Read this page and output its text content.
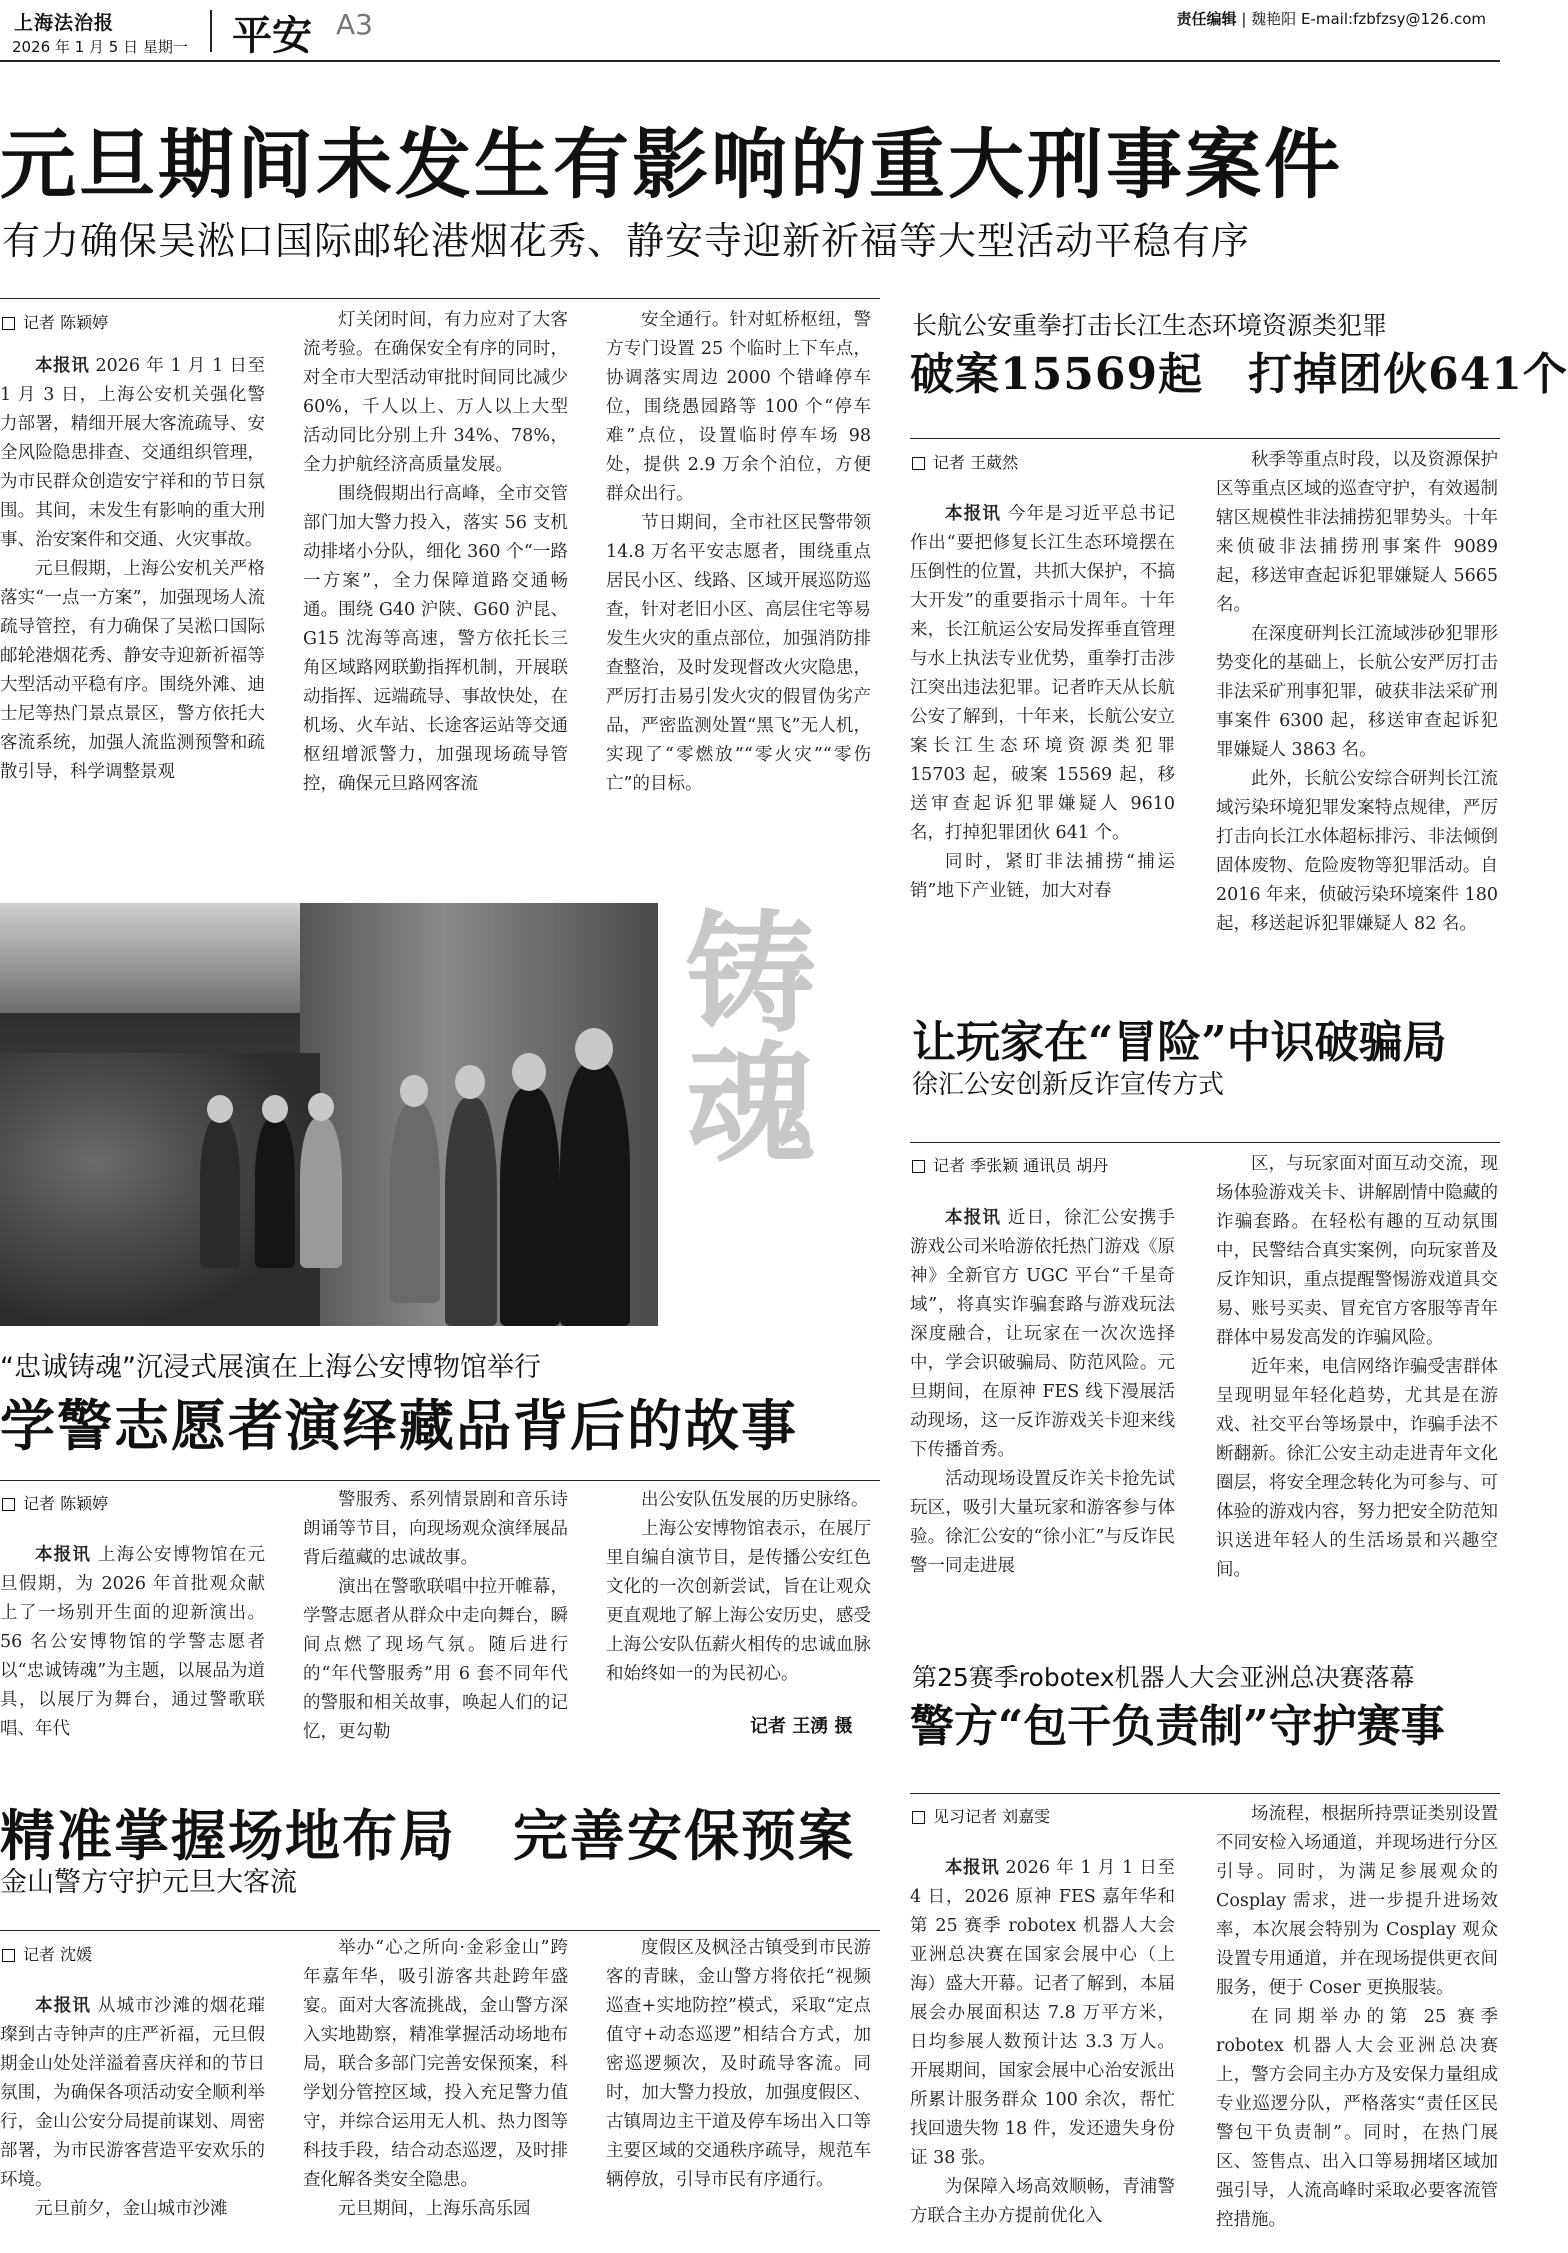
上海法治报
2026 年 1 月 5 日 星期一 平安 A3	责任编辑 | 魏艳阳 E-mail:fzbfzsy@126.com
元旦期间未发生有影响的重大刑事案件
有力确保吴淞口国际邮轮港烟花秀、静安寺迎新祈福等大型活动平稳有序
记者 陈颖婷

本报讯 2026 年 1 月 1 日至 1 月 3 日，上海公安机关强化警力部署，精细开展大客流疏导、安全风险隐患排查、交通组织管理，为市民群众创造安宁祥和的节日氛围。其间，未发生有影响的重大刑事、治安案件和交通、火灾事故。

元旦假期，上海公安机关严格落实“一点一方案”，加强现场人流疏导管控，有力确保了吴淞口国际邮轮港烟花秀、静安寺迎新祈福等大型活动平稳有序。围绕外滩、迪士尼等热门景点景区，警方依托大客流系统，加强人流监测预警和疏散引导，科学调整景观

灯关闭时间，有力应对了大客流考验。在确保安全有序的同时，对全市大型活动审批时间同比减少 60%，千人以上、万人以上大型活动同比分别上升 34%、78%，全力护航经济高质量发展。

围绕假期出行高峰，全市交管部门加大警力投入，落实 56 支机动排堵小分队，细化 360 个“一路一方案”，全力保障道路交通畅通。围绕 G40 沪陕、G60 沪昆、G15 沈海等高速，警方依托长三角区域路网联勤指挥机制，开展联动指挥、远端疏导、事故快处，在机场、火车站、长途客运站等交通枢纽增派警力，加强现场疏导管控，确保元旦路网客流

安全通行。针对虹桥枢纽，警方专门设置 25 个临时上下车点，协调落实周边 2000 个错峰停车位，围绕愚园路等 100 个“停车难”点位，设置临时停车场 98 处，提供 2.9 万余个泊位，方便群众出行。

节日期间，全市社区民警带领 14.8 万名平安志愿者，围绕重点居民小区、线路、区域开展巡防巡查，针对老旧小区、高层住宅等易发生火灾的重点部位，加强消防排查整治，及时发现督改火灾隐患，严厉打击易引发火灾的假冒伪劣产品，严密监测处置“黑飞”无人机，实现了“零燃放”“零火灾”“零伤亡”的目标。

长航公安重拳打击长江生态环境资源类犯罪
破案15569起　打掉团伙641个
记者 王葳然

本报讯 今年是习近平总书记作出“要把修复长江生态环境摆在压倒性的位置，共抓大保护，不搞大开发”的重要指示十周年。十年来，长江航运公安局发挥垂直管理与水上执法专业优势，重拳打击涉江突出违法犯罪。记者昨天从长航公安了解到，十年来，长航公安立案长江生态环境资源类犯罪 15703 起，破案 15569 起，移送审查起诉犯罪嫌疑人 9610 名，打掉犯罪团伙 641 个。

同时，紧盯非法捕捞“捕运销”地下产业链，加大对春

秋季等重点时段，以及资源保护区等重点区域的巡查守护，有效遏制辖区规模性非法捕捞犯罪势头。十年来侦破非法捕捞刑事案件 9089 起，移送审查起诉犯罪嫌疑人 5665 名。

在深度研判长江流域涉砂犯罪形势变化的基础上，长航公安严厉打击非法采矿刑事犯罪，破获非法采矿刑事案件 6300 起，移送审查起诉犯罪嫌疑人 3863 名。

此外，长航公安综合研判长江流域污染环境犯罪发案特点规律，严厉打击向长江水体超标排污、非法倾倒固体废物、危险废物等犯罪活动。自 2016 年来，侦破污染环境案件 180 起，移送起诉犯罪嫌疑人 82 名。

铸魂
“忠诚铸魂”沉浸式展演在上海公安博物馆举行
学警志愿者演绎藏品背后的故事
记者 陈颖婷

本报讯 上海公安博物馆在元旦假期，为 2026 年首批观众献上了一场别开生面的迎新演出。56 名公安博物馆的学警志愿者以“忠诚铸魂”为主题，以展品为道具，以展厅为舞台，通过警歌联唱、年代

警服秀、系列情景剧和音乐诗朗诵等节目，向现场观众演绎展品背后蕴藏的忠诚故事。

演出在警歌联唱中拉开帷幕，学警志愿者从群众中走向舞台，瞬间点燃了现场气氛。随后进行的“年代警服秀”用 6 套不同年代的警服和相关故事，唤起人们的记忆，更勾勒

出公安队伍发展的历史脉络。

上海公安博物馆表示，在展厅里自编自演节目，是传播公安红色文化的一次创新尝试，旨在让观众更直观地了解上海公安历史，感受上海公安队伍薪火相传的忠诚血脉和始终如一的为民初心。

记者 王湧 摄
让玩家在“冒险”中识破骗局
徐汇公安创新反诈宣传方式
记者 季张颖 通讯员 胡丹

本报讯 近日，徐汇公安携手游戏公司米哈游依托热门游戏《原神》全新官方 UGC 平台“千星奇域”，将真实诈骗套路与游戏玩法深度融合，让玩家在一次次选择中，学会识破骗局、防范风险。元旦期间，在原神 FES 线下漫展活动现场，这一反诈游戏关卡迎来线下传播首秀。

活动现场设置反诈关卡抢先试玩区，吸引大量玩家和游客参与体验。徐汇公安的“徐小汇”与反诈民警一同走进展

区，与玩家面对面互动交流，现场体验游戏关卡、讲解剧情中隐藏的诈骗套路。在轻松有趣的互动氛围中，民警结合真实案例，向玩家普及反诈知识，重点提醒警惕游戏道具交易、账号买卖、冒充官方客服等青年群体中易发高发的诈骗风险。

近年来，电信网络诈骗受害群体呈现明显年轻化趋势，尤其是在游戏、社交平台等场景中，诈骗手法不断翻新。徐汇公安主动走进青年文化圈层，将安全理念转化为可参与、可体验的游戏内容，努力把安全防范知识送进年轻人的生活场景和兴趣空间。

精准掌握场地布局　完善安保预案
金山警方守护元旦大客流
记者 沈媛

本报讯 从城市沙滩的烟花璀璨到古寺钟声的庄严祈福，元旦假期金山处处洋溢着喜庆祥和的节日氛围，为确保各项活动安全顺利举行，金山公安分局提前谋划、周密部署，为市民游客营造平安欢乐的环境。

元旦前夕，金山城市沙滩

举办“心之所向·金彩金山”跨年嘉年华，吸引游客共赴跨年盛宴。面对大客流挑战，金山警方深入实地勘察，精准掌握活动场地布局，联合多部门完善安保预案，科学划分管控区域，投入充足警力值守，并综合运用无人机、热力图等科技手段，结合动态巡逻，及时排查化解各类安全隐患。

元旦期间，上海乐高乐园

度假区及枫泾古镇受到市民游客的青睐，金山警方将依托“视频巡查+实地防控”模式，采取“定点值守+动态巡逻”相结合方式，加密巡逻频次，及时疏导客流。同时，加大警力投放，加强度假区、古镇周边主干道及停车场出入口等主要区域的交通秩序疏导，规范车辆停放，引导市民有序通行。

第25赛季robotex机器人大会亚洲总决赛落幕
警方“包干负责制”守护赛事
见习记者 刘嘉雯

本报讯 2026 年 1 月 1 日至 4 日，2026 原神 FES 嘉年华和第 25 赛季 robotex 机器人大会亚洲总决赛在国家会展中心（上海）盛大开幕。记者了解到，本届展会办展面积达 7.8 万平方米，日均参展人数预计达 3.3 万人。开展期间，国家会展中心治安派出所累计服务群众 100 余次，帮忙找回遗失物 18 件，发还遗失身份证 38 张。

为保障入场高效顺畅，青浦警方联合主办方提前优化入

场流程，根据所持票证类别设置不同安检入场通道，并现场进行分区引导。同时，为满足参展观众的 Cosplay 需求，进一步提升进场效率，本次展会特别为 Cosplay 观众设置专用通道，并在现场提供更衣间服务，便于 Coser 更换服装。

在同期举办的第 25 赛季 robotex 机器人大会亚洲总决赛上，警方会同主办方及安保力量组成专业巡逻分队，严格落实“责任区民警包干负责制”。同时，在热门展区、签售点、出入口等易拥堵区域加强引导，人流高峰时采取必要客流管控措施。
